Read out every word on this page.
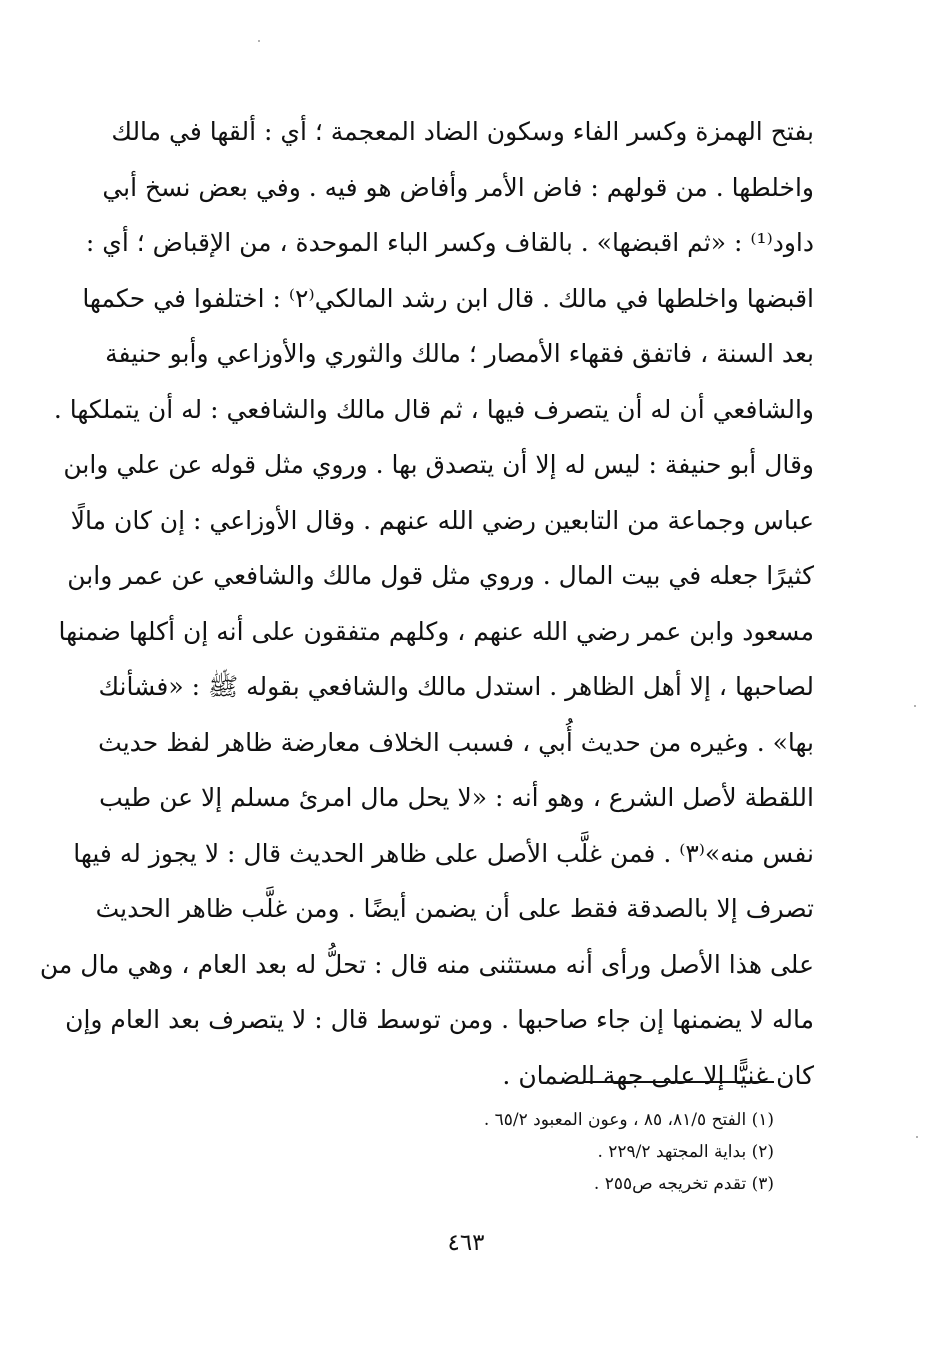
بفتح الهمزة وكسر الفاء وسكون الضاد المعجمة ؛ أي : ألقها في مالك
واخلطها . من قولهم : فاض الأمر وأفاض هو فيه . وفي بعض نسخ أبي
داود⁽¹⁾ : «ثم اقبضها» . بالقاف وكسر الباء الموحدة ، من الإقباض ؛ أي :
اقبضها واخلطها في مالك . قال ابن رشد المالكي⁽٢⁾ : اختلفوا في حكمها
بعد السنة ، فاتفق فقهاء الأمصار ؛ مالك والثوري والأوزاعي وأبو حنيفة
والشافعي أن له أن يتصرف فيها ، ثم قال مالك والشافعي : له أن يتملكها .
وقال أبو حنيفة : ليس له إلا أن يتصدق بها . وروي مثل قوله عن علي وابن
عباس وجماعة من التابعين رضي الله عنهم . وقال الأوزاعي : إن كان مالًا
كثيرًا جعله في بيت المال . وروي مثل قول مالك والشافعي عن عمر وابن
مسعود وابن عمر رضي الله عنهم ، وكلهم متفقون على أنه إن أكلها ضمنها
لصاحبها ، إلا أهل الظاهر . استدل مالك والشافعي بقوله ﷺ : «فشأنك
بها» . وغيره من حديث أُبي ، فسبب الخلاف معارضة ظاهر لفظ حديث
اللقطة لأصل الشرع ، وهو أنه : «لا يحل مال امرئ مسلم إلا عن طيب
نفس منه»⁽٣⁾ . فمن غلَّب الأصل على ظاهر الحديث قال : لا يجوز له فيها
تصرف إلا بالصدقة فقط على أن يضمن أيضًا . ومن غلَّب ظاهر الحديث
على هذا الأصل ورأى أنه مستثنى منه قال : تحلُّ له بعد العام ، وهي مال من
ماله لا يضمنها إن جاء صاحبها . ومن توسط قال : لا يتصرف بعد العام وإن
كان غنيًّا إلا على جهة الضمان .
(١) الفتح ٨١/٥، ٨٥ ، وعون المعبود ٦٥/٢ .
(٢) بداية المجتهد ٢٢٩/٢ .
(٣) تقدم تخريجه ص٢٥٥ .
٤٦٣
